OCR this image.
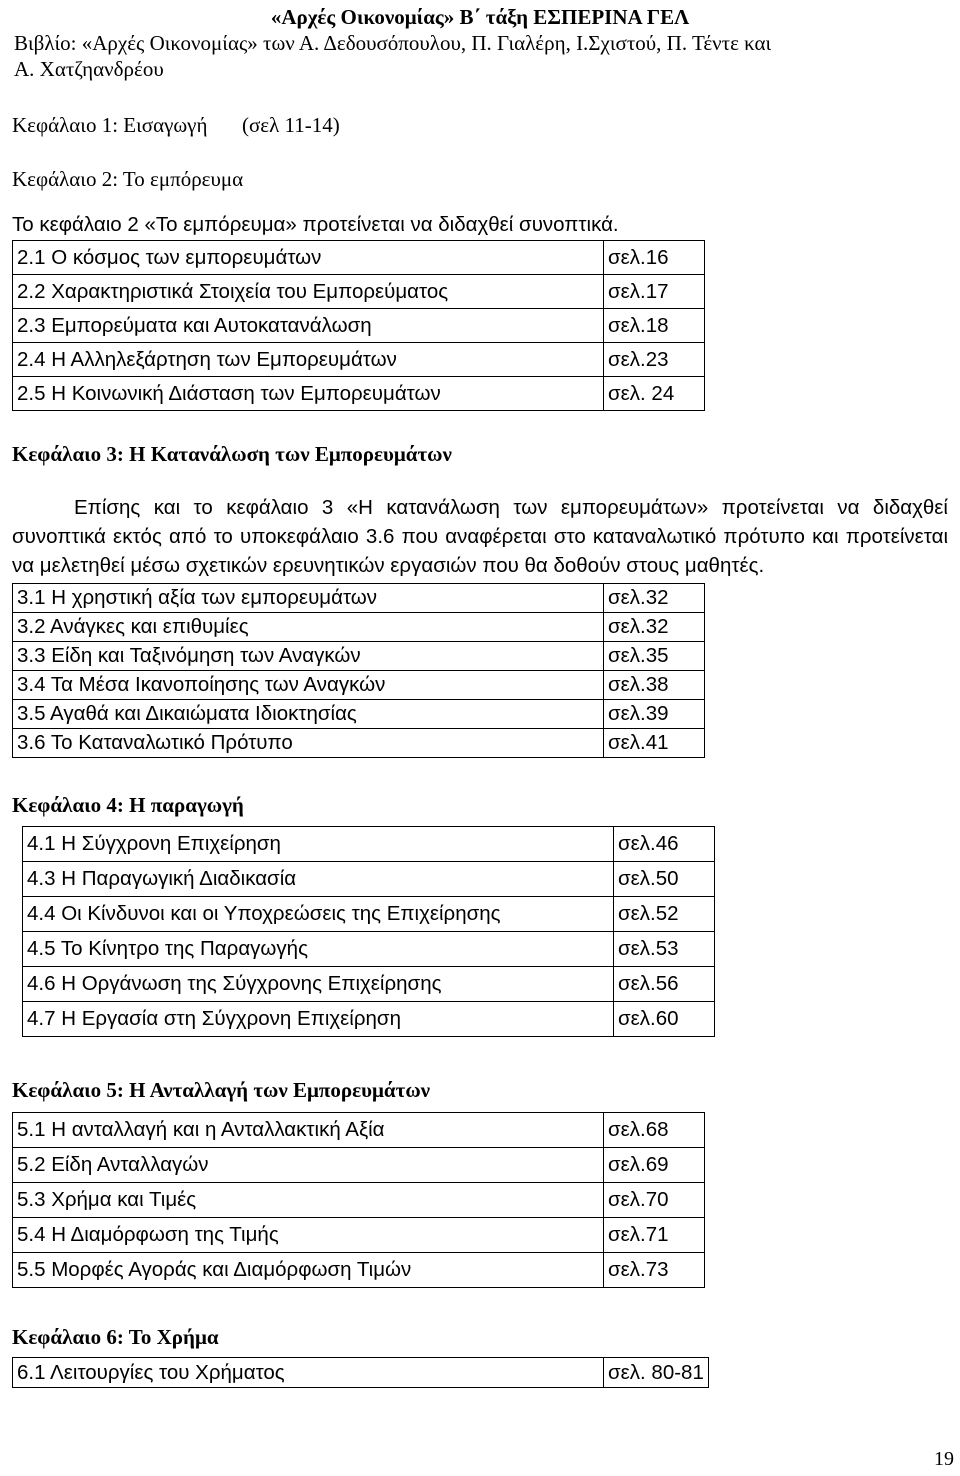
«Αρχές Οικονομίας» Β΄ τάξη ΕΣΠΕΡΙΝΑ ΓΕΛ
Βιβλίο: «Αρχές Οικονομίας» των Α. Δεδουσόπουλου, Π. Γιαλέρη, Ι.Σχιστού, Π. Τέντε και
Α. Χατζηανδρέου
Κεφάλαιο 1: Εισαγωγή (σελ 11-14)
Κεφάλαιο 2: Το εμπόρευμα
Το κεφάλαιο 2 «Το εμπόρευμα» προτείνεται να διδαχθεί συνοπτικά.
2.1 Ο κόσμος των εμπορευμάτων	σελ.16
2.2 Χαρακτηριστικά Στοιχεία του Εμπορεύματος	σελ.17
2.3 Εμπορεύματα και Αυτοκατανάλωση	σελ.18
2.4 Η Αλληλεξάρτηση των Εμπορευμάτων	σελ.23
2.5 Η Κοινωνική Διάσταση των Εμπορευμάτων	σελ. 24
Κεφάλαιο 3: Η Κατανάλωση των Εμπορευμάτων
Επίσης και το κεφάλαιο 3 «Η κατανάλωση των εμπορευμάτων» προτείνεται να διδαχθεί συνοπτικά εκτός από το υποκεφάλαιο 3.6 που αναφέρεται στο καταναλωτικό πρότυπο και προτείνεται να μελετηθεί μέσω σχετικών ερευνητικών εργασιών που θα δοθούν στους μαθητές.
3.1 Η χρηστική αξία των εμπορευμάτων	σελ.32
3.2 Ανάγκες και επιθυμίες	σελ.32
3.3 Είδη και Ταξινόμηση των Αναγκών	σελ.35
3.4 Τα Μέσα Ικανοποίησης των Αναγκών	σελ.38
3.5 Αγαθά και Δικαιώματα Ιδιοκτησίας	σελ.39
3.6 Το Καταναλωτικό Πρότυπο	σελ.41
Κεφάλαιο 4: Η παραγωγή
4.1 Η Σύγχρονη Επιχείρηση	σελ.46
4.3 Η Παραγωγική Διαδικασία	σελ.50
4.4 Οι Κίνδυνοι και οι Υποχρεώσεις της Επιχείρησης	σελ.52
4.5 Το Κίνητρο της Παραγωγής	σελ.53
4.6 Η Οργάνωση της Σύγχρονης Επιχείρησης	σελ.56
4.7 Η Εργασία στη Σύγχρονη Επιχείρηση	σελ.60
Κεφάλαιο 5: Η Ανταλλαγή των Εμπορευμάτων
5.1 Η ανταλλαγή και η Ανταλλακτική Αξία	σελ.68
5.2 Είδη Ανταλλαγών	σελ.69
5.3 Χρήμα και Τιμές	σελ.70
5.4 Η Διαμόρφωση της Τιμής	σελ.71
5.5 Μορφές Αγοράς και Διαμόρφωση Τιμών	σελ.73
Κεφάλαιο 6: Το Χρήμα
6.1 Λειτουργίες του Χρήματος	σελ. 80-81
19
